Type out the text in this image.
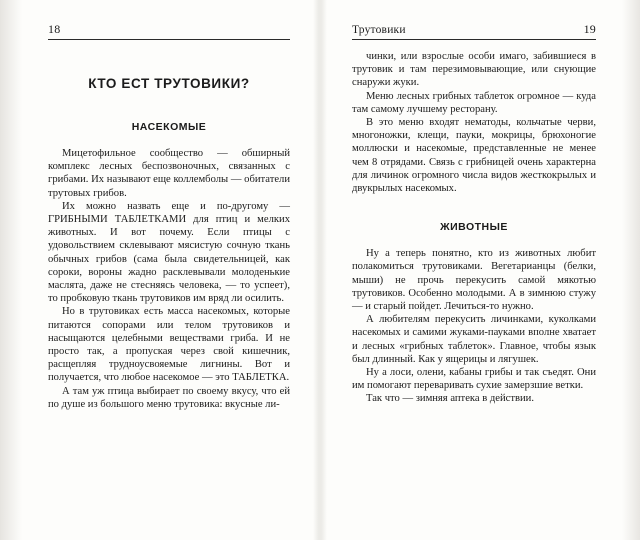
18
КТО ЕСТ ТРУТОВИКИ?
НАСЕКОМЫЕ

Мицетофильное сообщество — обширный комплекс лесных беспозвоночных, связанных с грибами. Их называют еще коллемболы — обитатели трутовых грибов.

Их можно назвать еще и по-другому — ГРИБНЫМИ ТАБЛЕТКАМИ для птиц и мелких животных. И вот почему. Если птицы с удовольствием склевывают мясистую сочную ткань обычных грибов (сама была свидетельницей, как сороки, вороны жадно расклевывали молоденькие маслята, даже не стесняясь человека, — то успеет), то пробковую ткань трутовиков им вряд ли осилить.

Но в трутовиках есть масса насекомых, которые питаются сопорами или телом трутовиков и насыщаются целебными веществами гриба. И не просто так, а пропуская через свой кишечник, расщепляя трудноусвояемые лигнины. Вот и получается, что любое насекомое — это ТАБЛЕТКА.

А там уж птица выбирает по своему вкусу, что ей по душе из большого меню трутовика: вкусные ли-

Трутовики	19

чинки, или взрослые особи имаго, забившиеся в трутовик и там перезимовывающие, или снующие снаружи жуки.

Меню лесных грибных таблеток огромное — куда там самому лучшему ресторану.

В это меню входят нематоды, кольчатые черви, многоножки, клещи, пауки, мокрицы, брюхоногие моллюски и насекомые, представленные не менее чем 8 отрядами. Связь с грибницей очень характерна для личинок огромного числа видов жесткокрылых и двукрылых насекомых.

ЖИВОТНЫЕ

Ну а теперь понятно, кто из животных любит полакомиться трутовиками. Вегетарианцы (белки, мыши) не прочь перекусить самой мякотью трутовиков. Особенно молодыми. А в зимнюю стужу — и старый пойдет. Лечиться-то нужно.

А любителям перекусить личинками, куколками насекомых и самими жуками-пауками вполне хватает и лесных «грибных таблеток». Главное, чтобы язык был длинный. Как у ящерицы и лягушек.

Ну а лоси, олени, кабаны грибы и так съедят. Они им помогают переваривать сухие замерзшие ветки.

Так что — зимняя аптека в действии.
